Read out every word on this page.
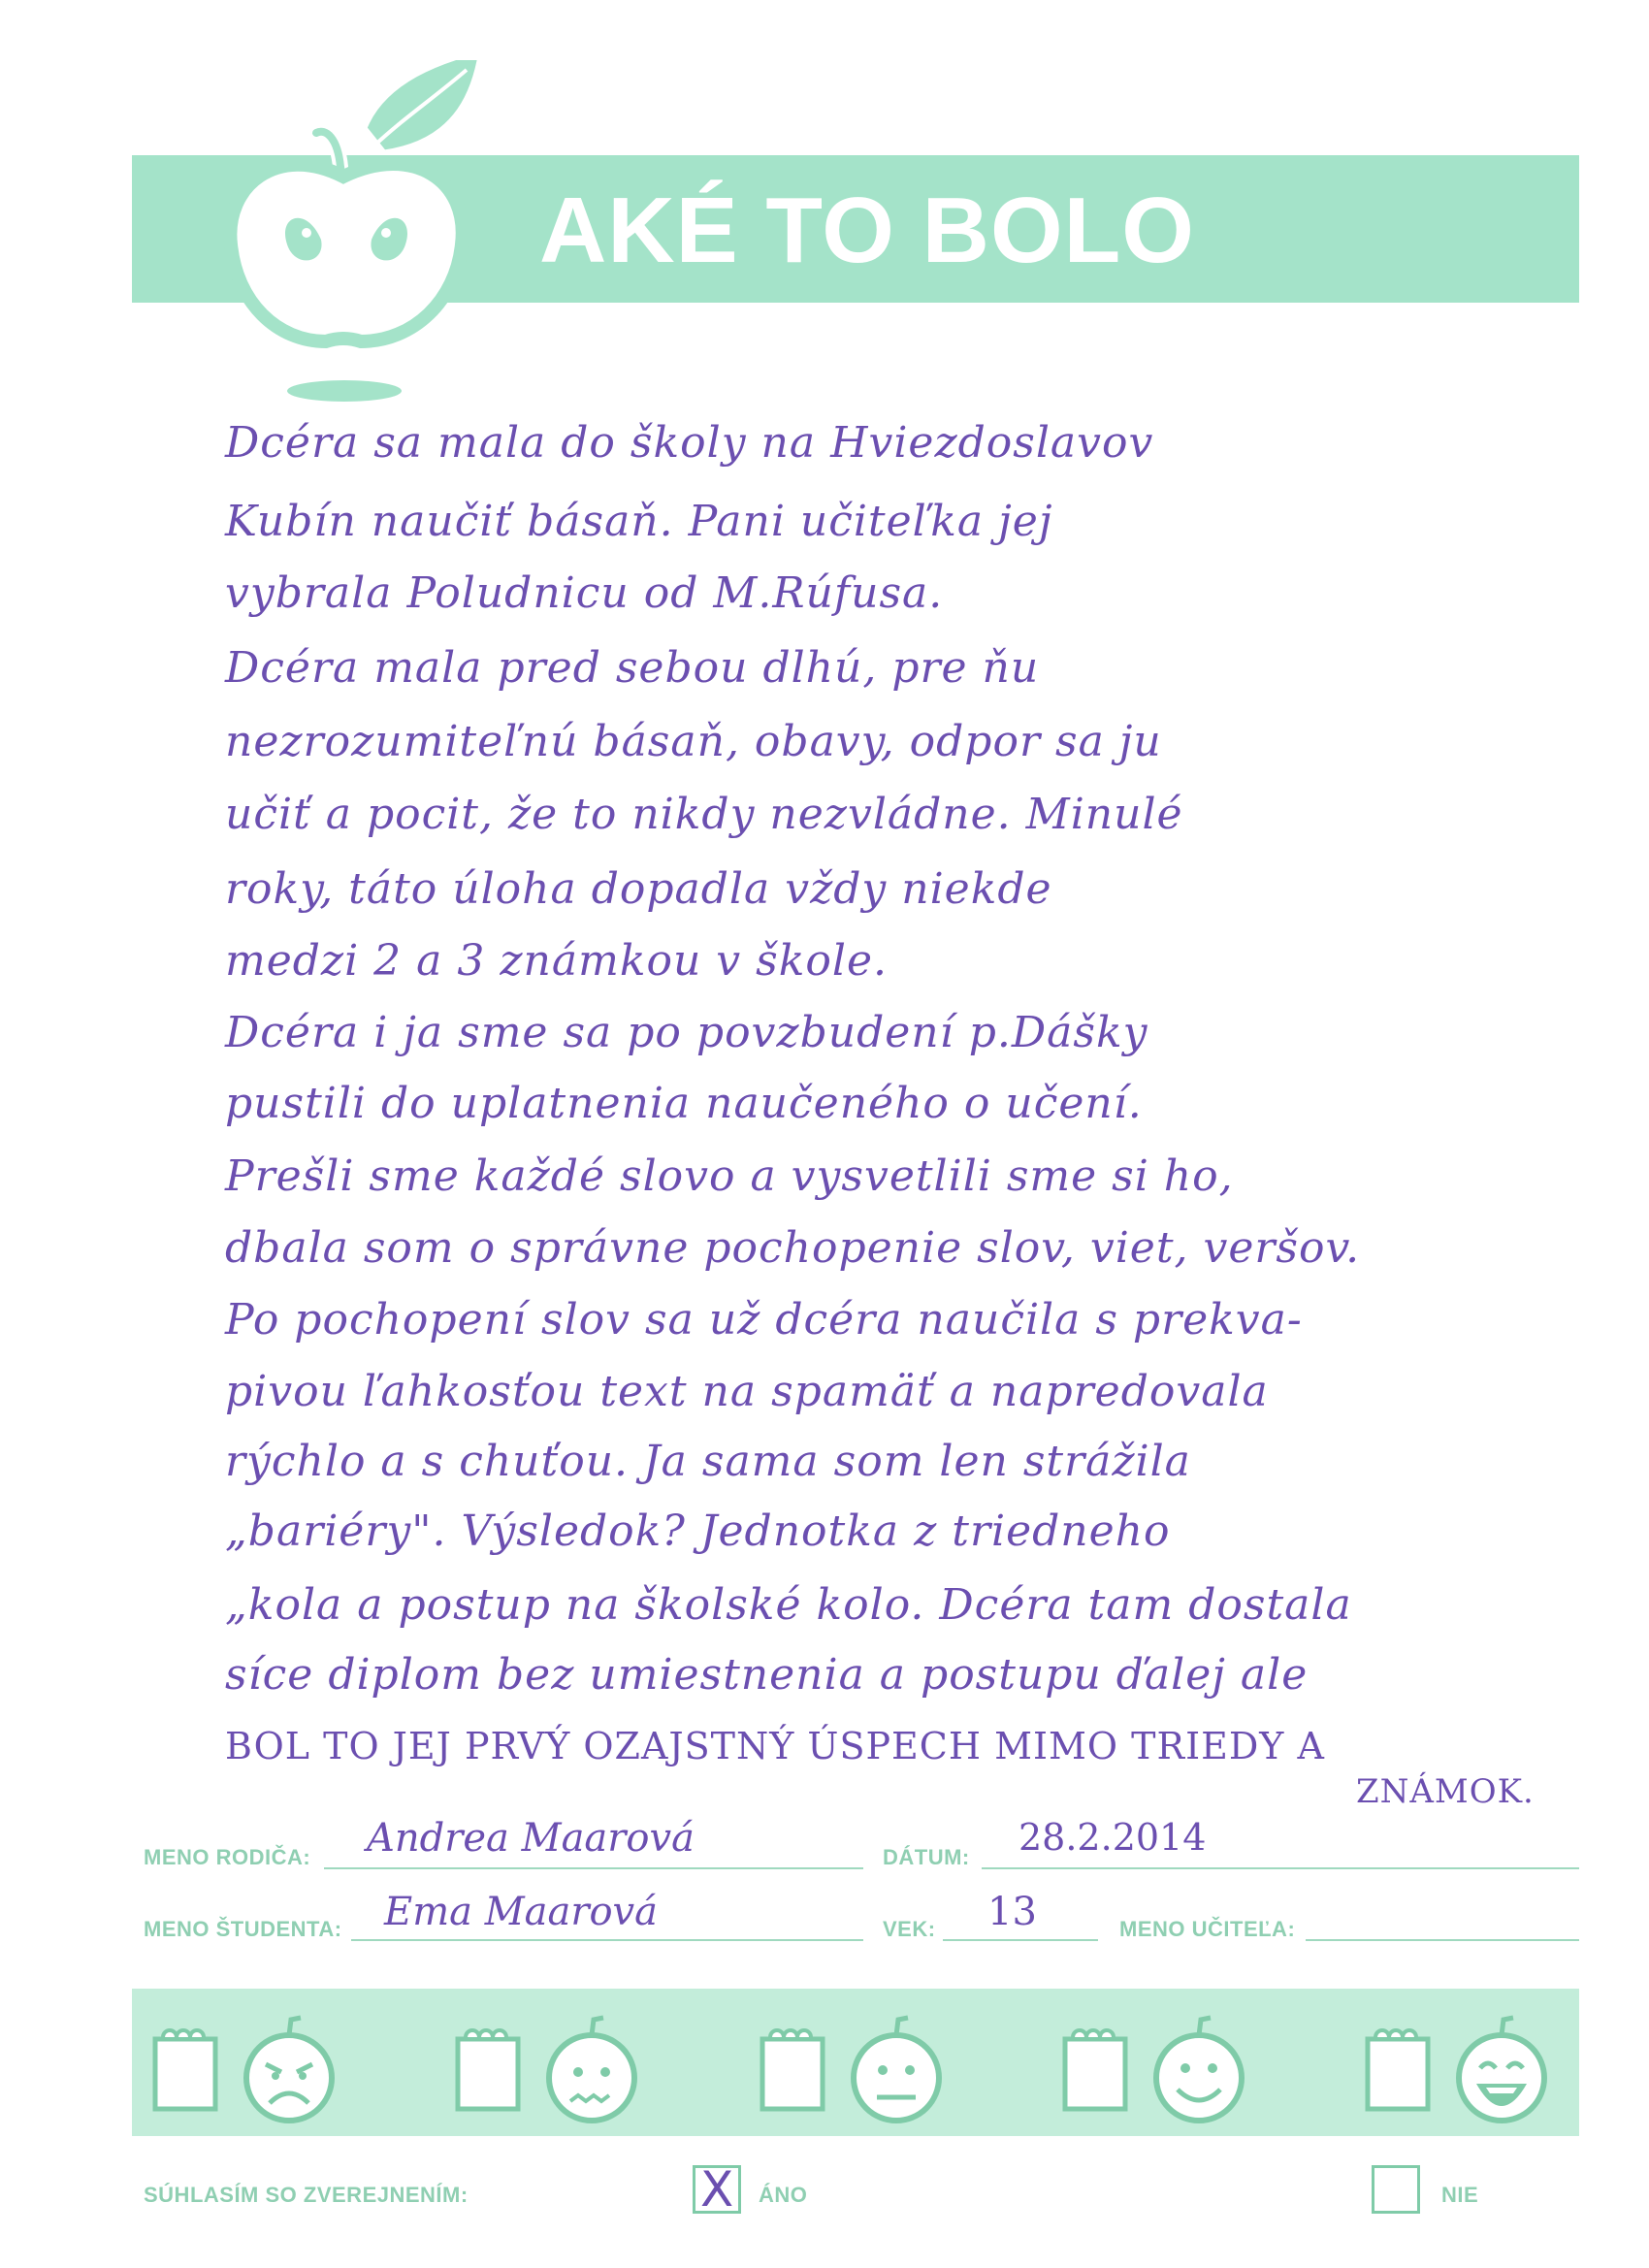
AKÉ TO BOLO
Dcéra sa mala do školy na Hviezdoslavov
Kubín naučiť básaň. Pani učiteľka jej
vybrala Poludnicu od M.Rúfusa.
Dcéra mala pred sebou dlhú, pre ňu
nezrozumiteľnú básaň, obavy, odpor sa ju
učiť a pocit, že to nikdy nezvládne. Minulé
roky, táto úloha dopadla vždy niekde
medzi 2 a 3 známkou v škole.
Dcéra i ja sme sa po povzbudení p.Dášky
pustili do uplatnenia naučeného o učení.
Prešli sme každé slovo a vysvetlili sme si ho,
dbala som o správne pochopenie slov, viet, veršov.
Po pochopení slov sa už dcéra naučila s prekva-
pivou ľahkosťou text na spamäť a napredovala
rýchlo a s chuťou. Ja sama som len strážila
„bariéry". Výsledok? Jednotka z triedneho
„kola a postup na školské kolo. Dcéra tam dostala
síce diplom bez umiestnenia a postupu ďalej ale
BOL TO JEJ PRVÝ OZAJSTNÝ ÚSPECH MIMO TRIEDY A
ZNÁMOK.
MENO RODIČA: Andrea Maarová	DÁTUM: 28.2.2014
MENO ŠTUDENTA: Ema Maarová	VEK: 13	MENO UČITEĽA:
SÚHLASÍM SO ZVEREJNENÍM:	X ÁNO	NIE
